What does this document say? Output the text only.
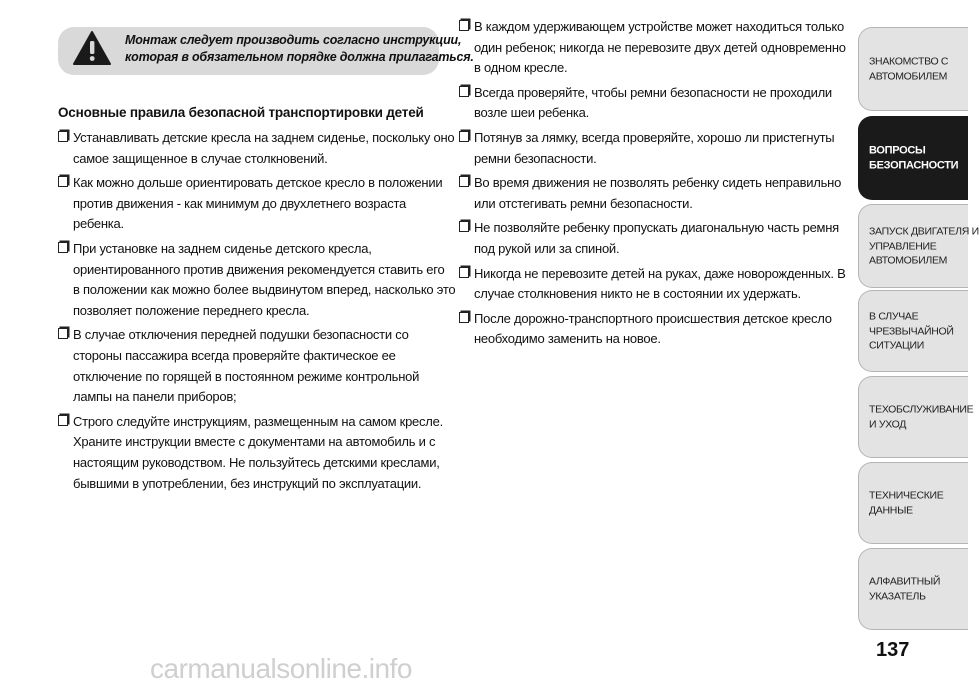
Монтаж следует производить согласно инструкции,
которая в обязательном порядке должна прилагаться.
Основные правила безопасной транспортировки детей
Устанавливать детские кресла на заднем сиденье, поскольку оно
самое защищенное в случае столкновений.
Как можно дольше ориентировать детское кресло в положении
против движения - как минимум до двухлетнего возраста
ребенка.
При установке на заднем сиденье детского кресла,
ориентированного против движения рекомендуется ставить его
в положении как можно более выдвинутом вперед, насколько это
позволяет положение переднего кресла.
В случае отключения передней подушки безопасности со
стороны пассажира всегда проверяйте фактическое ее
отключение по горящей в постоянном режиме контрольной
лампы на панели приборов;
Строго следуйте инструкциям, размещенным на самом кресле.
Храните инструкции вместе с документами на автомобиль и с
настоящим руководством. Не пользуйтесь детскими креслами,
бывшими в употреблении, без инструкций по эксплуатации.
В каждом удерживающем устройстве может находиться только
один ребенок; никогда не перевозите двух детей одновременно
в одном кресле.
Всегда проверяйте, чтобы ремни безопасности не проходили
возле шеи ребенка.
Потянув за лямку, всегда проверяйте, хорошо ли пристегнуты
ремни безопасности.
Во время движения не позволять ребенку сидеть неправильно
или отстегивать ремни безопасности.
Не позволяйте ребенку пропускать диагональную часть ремня
под рукой или за спиной.
Никогда не перевозите детей на руках, даже новорожденных. В
случае столкновения никто не в состоянии их удержать.
После дорожно-транспортного происшествия детское кресло
необходимо заменить на новое.
ЗНАКОМСТВО С
АВТОМОБИЛЕМ
ВОПРОСЫ
БЕЗОПАСНОСТИ
ЗАПУСК ДВИГАТЕЛЯ И
УПРАВЛЕНИЕ
АВТОМОБИЛЕМ
В СЛУЧАЕ
ЧРЕЗВЫЧАЙНОЙ
СИТУАЦИИ
ТЕХОБСЛУЖИВАНИЕ
И УХОД
ТЕХНИЧЕСКИЕ
ДАННЫЕ
АЛФАВИТНЫЙ
УКАЗАТЕЛЬ
137
carmanualsonline.info
